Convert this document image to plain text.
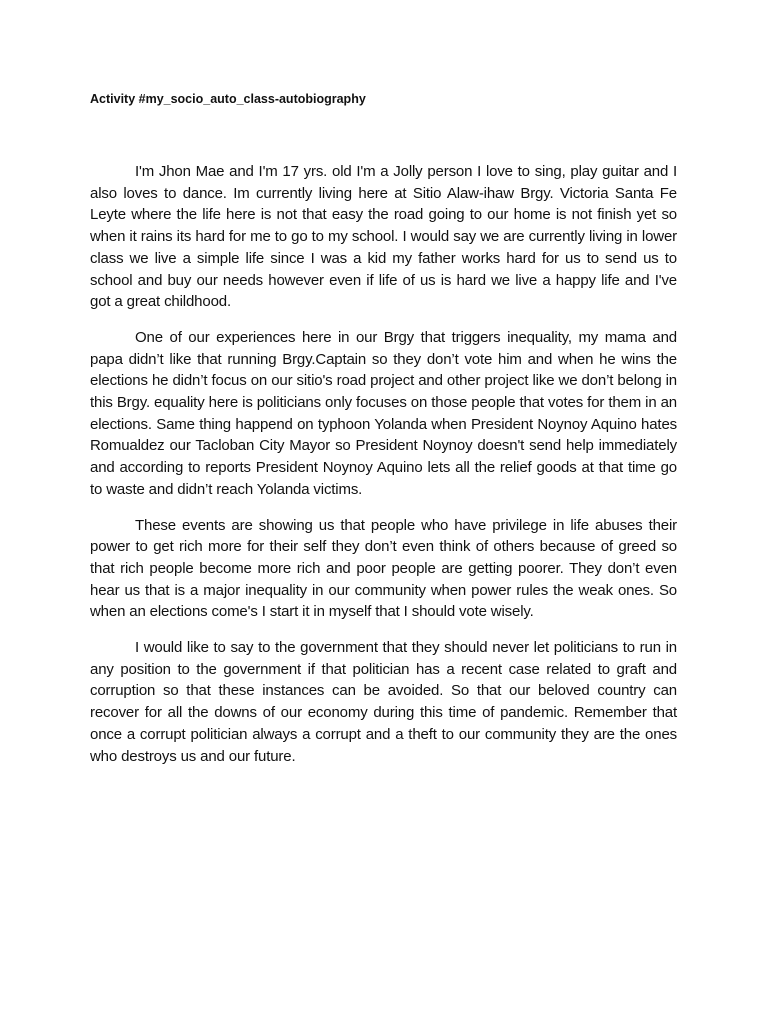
Activity #my_socio_auto_class-autobiography

I'm Jhon Mae and I'm 17 yrs. old I'm a Jolly person I love to sing, play guitar and I also loves to dance. Im currently living here at Sitio Alaw-ihaw Brgy. Victoria Santa Fe Leyte where the life here is not that easy the road going to our home is not finish yet so when it rains its hard for me to go to my school. I would say we are currently living in lower class we live a simple life since I was a kid my father works hard for us to send us to school and buy our needs however even if life of us is hard we live a happy life and I've got a great childhood.

One of our experiences here in our Brgy that triggers inequality, my mama and papa didn’t like that running Brgy.Captain so they don’t vote him and when he wins the elections he didn’t focus on our sitio's road project and other project like we don’t belong in this Brgy. equality here is politicians only focuses on those people that votes for them in an elections. Same thing happend on typhoon Yolanda when President Noynoy Aquino hates Romualdez our Tacloban City Mayor so President Noynoy doesn't send help immediately and according to reports President Noynoy Aquino lets all the relief goods at that time go to waste and didn’t reach Yolanda victims.

These events are showing us that people who have privilege in life abuses their power to get rich more for their self they don’t even think of others because of greed so that rich people become more rich and poor people are getting poorer. They don’t even hear us that is a major inequality in our community when power rules the weak ones. So when an elections come's I start it in myself that I should vote wisely.

I would like to say to the government that they should never let politicians to run in any position to the government if that politician has a recent case related to graft and corruption so that these instances can be avoided. So that our beloved country can recover for all the downs of our economy during this time of pandemic. Remember that once a corrupt politician always a corrupt and a theft to our community they are the ones who destroys us and our future.
